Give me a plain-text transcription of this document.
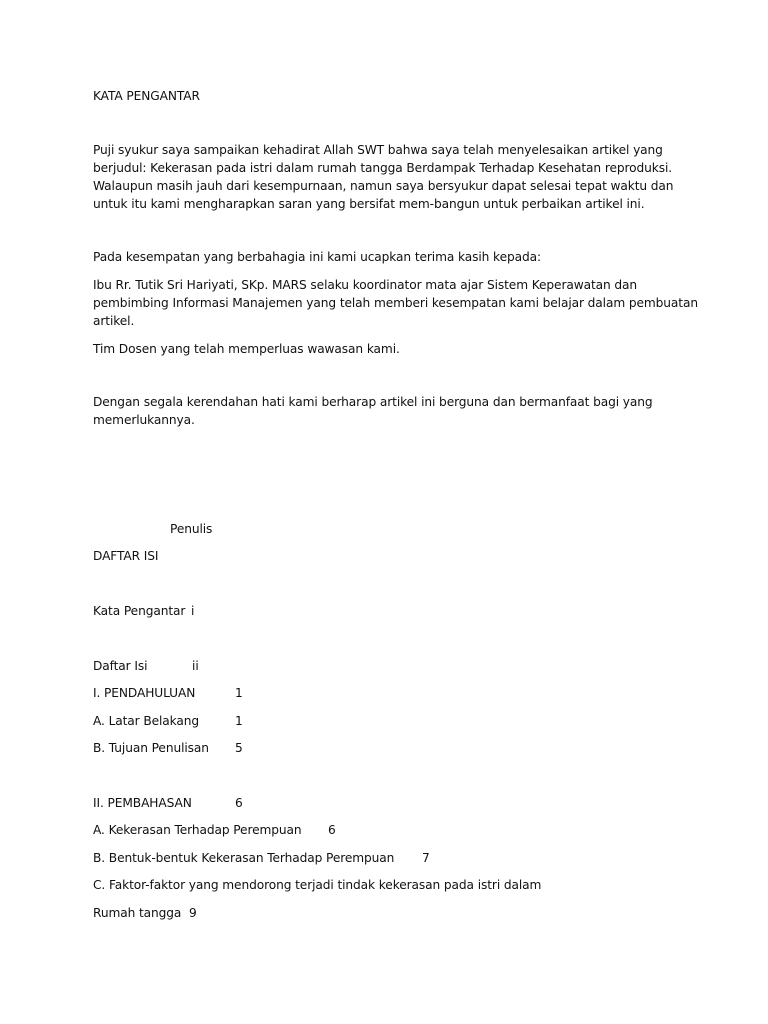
KATA PENGANTAR
Puji syukur saya sampaikan kehadirat Allah SWT bahwa saya telah menyelesaikan artikel yang
berjudul: Kekerasan pada istri dalam rumah tangga Berdampak Terhadap Kesehatan reproduksi.
Walaupun masih jauh dari kesempurnaan, namun saya bersyukur dapat selesai tepat waktu dan
untuk itu kami mengharapkan saran yang bersifat mem-bangun untuk perbaikan artikel ini.
Pada kesempatan yang berbahagia ini kami ucapkan terima kasih kepada:
Ibu Rr. Tutik Sri Hariyati, SKp. MARS selaku koordinator mata ajar Sistem Keperawatan dan
pembimbing Informasi Manajemen yang telah memberi kesempatan kami belajar dalam pembuatan
artikel.
Tim Dosen yang telah memperluas wawasan kami.
Dengan segala kerendahan hati kami berharap artikel ini berguna dan bermanfaat bagi yang
memerlukannya.
Penulis
DAFTAR ISI
Kata Pengantar i
Daftar Isi	ii
I. PENDAHULUAN	1
A. Latar Belakang	1
B. Tujuan Penulisan 5
II. PEMBAHASAN	6
A. Kekerasan Terhadap Perempuan 6
B. Bentuk-bentuk Kekerasan Terhadap Perempuan 7
C. Faktor-faktor yang mendorong terjadi tindak kekerasan pada istri dalam
Rumah tangga 9
